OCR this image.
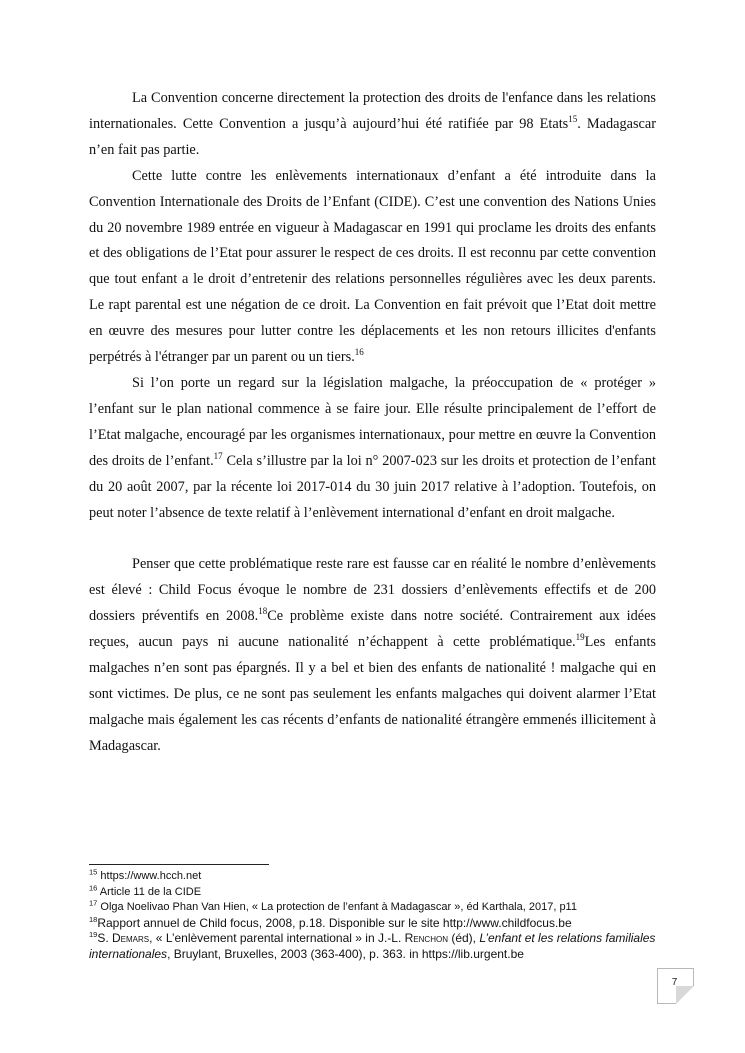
La Convention concerne directement la protection des droits de l'enfance dans les relations internationales. Cette Convention a jusqu’à aujourd’hui été ratifiée par 98 Etats$^{15}$. Madagascar n’en fait pas partie.

Cette lutte contre les enlèvements internationaux d’enfant a été introduite dans la Convention Internationale des Droits de l’Enfant (CIDE). C’est une convention des Nations Unies du 20 novembre 1989 entrée en vigueur à Madagascar en 1991 qui proclame les droits des enfants et des obligations de l’Etat pour assurer le respect de ces droits. Il est reconnu par cette convention que tout enfant a le droit d’entretenir des relations personnelles régulières avec les deux parents. Le rapt parental est une négation de ce droit. La Convention en fait prévoit que l’Etat doit mettre en œuvre des mesures pour lutter contre les déplacements et les non retours illicites d'enfants perpétrés à l'étranger par un parent ou un tiers.$^{16}$

Si l’on porte un regard sur la législation malgache, la préoccupation de « protéger » l’enfant sur le plan national commence à se faire jour. Elle résulte principalement de l’effort de l’Etat malgache, encouragé par les organismes internationaux, pour mettre en œuvre la Convention des droits de l’enfant.$^{17}$ Cela s’illustre par la loi n° 2007-023 sur les droits et protection de l’enfant du 20 août 2007, par la récente loi 2017-014 du 30 juin 2017 relative à l’adoption. Toutefois, on peut noter l’absence de texte relatif à l’enlèvement international d’enfant en droit malgache.

Penser que cette problématique reste rare est fausse car en réalité le nombre d’enlèvements est élevé : Child Focus évoque le nombre de 231 dossiers d’enlèvements effectifs et de 200 dossiers préventifs en 2008.18Ce problème existe dans notre société. Contrairement aux idées reçues, aucun pays ni aucune nationalité n’échappent à cette problématique.$^{19}$Les enfants malgaches n’en sont pas épargnés. Il y a bel et bien des enfants de nationalité ! malgache qui en sont victimes. De plus, ce ne sont pas seulement les enfants malgaches qui doivent alarmer l’Etat malgache mais également les cas récents d’enfants de nationalité étrangère emmenés illicitement à Madagascar.

$^{15}$ https://www.hcch.net

$^{16}$ Article 11 de la CIDE

$^{17}$ Olga Noelivao Phan Van Hien, « La protection de l’enfant à Madagascar », éd Karthala, 2017, p11

$^{18}$Rapport annuel de Child focus, 2008, p.18. Disponible sur le site http://www.childfocus.be

$^{19}$S. Demars, « L’enlèvement parental international » in J.-L. Renchon (éd), L’enfant et les relations familiales internationales, Bruylant, Bruxelles, 2003 (363-400), p. 363. in https://lib.urgent.be

7
